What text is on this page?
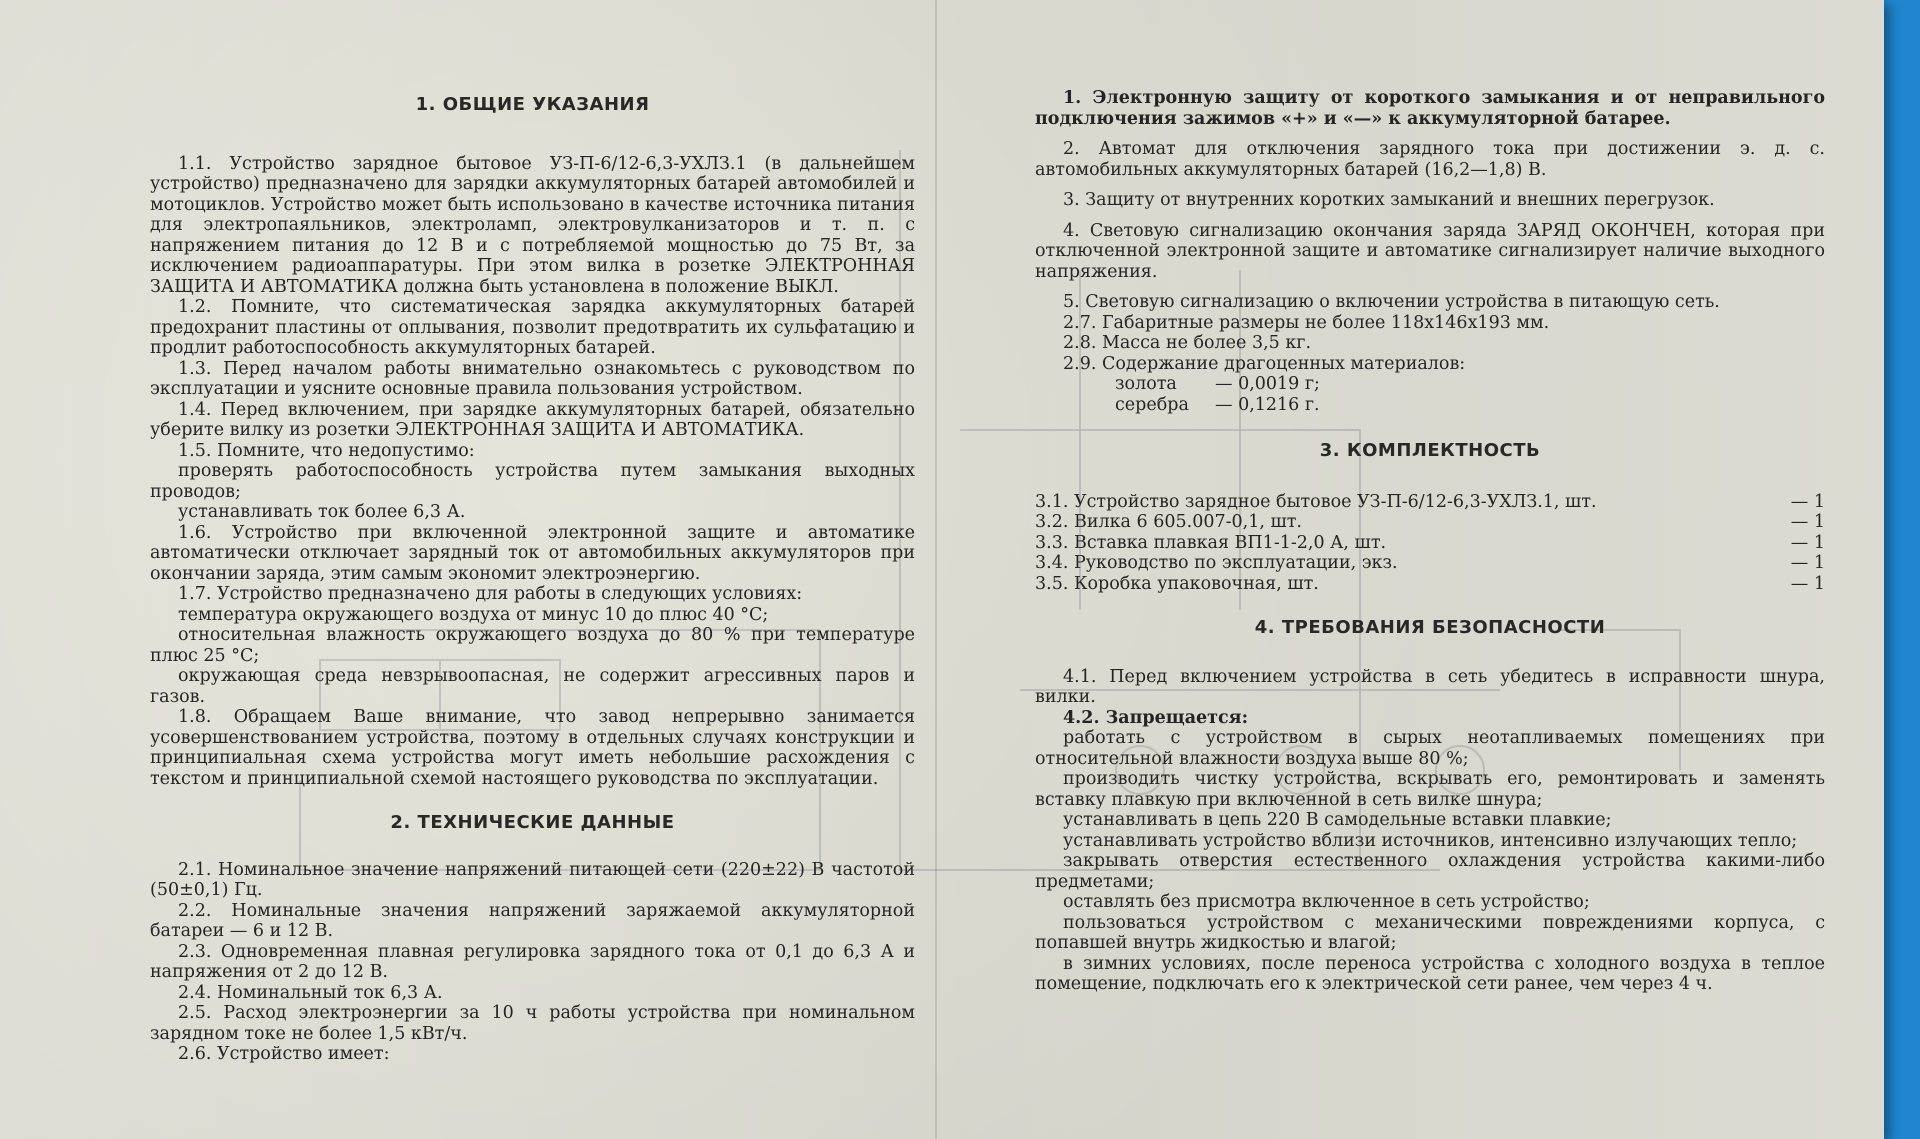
1. ОБЩИЕ УКАЗАНИЯ

1.1. Устройство зарядное бытовое УЗ-П-6/12-6,3-УХЛЗ.1 (в дальнейшем устройство) предназначено для зарядки аккумуляторных батарей автомобилей и мотоциклов. Устройство может быть использовано в качестве источника питания для электропаяльников, электроламп, электровулканизаторов и т. п. с напряжением питания до 12 В и с потребляемой мощностью до 75 Вт, за исключением радиоаппаратуры. При этом вилка в розетке ЭЛЕКТРОННАЯ ЗАЩИТА И АВТОМАТИКА должна быть установлена в положение ВЫКЛ.

1.2. Помните, что систематическая зарядка аккумуляторных батарей предохранит пластины от оплывания, позволит предотвратить их сульфатацию и продлит работоспособность аккумуляторных батарей.

1.3. Перед началом работы внимательно ознакомьтесь с руководством по эксплуатации и уясните основные правила пользования устройством.

1.4. Перед включением, при зарядке аккумуляторных батарей, обязательно уберите вилку из розетки ЭЛЕКТРОННАЯ ЗАЩИТА И АВТОМАТИКА.

1.5. Помните, что недопустимо:

проверять работоспособность устройства путем замыкания выходных проводов;

устанавливать ток более 6,3 А.

1.6. Устройство при включенной электронной защите и автоматике автоматически отключает зарядный ток от автомобильных аккумуляторов при окончании заряда, этим самым экономит электроэнергию.

1.7. Устройство предназначено для работы в следующих условиях:

температура окружающего воздуха от минус 10 до плюс 40 °С;

относительная влажность окружающего воздуха до 80 % при температуре плюс 25 °С;

окружающая среда невзрывоопасная, не содержит агрессивных паров и газов.

1.8. Обращаем Ваше внимание, что завод непрерывно занимается усовершенствованием устройства, поэтому в отдельных случаях конструкции и принципиальная схема устройства могут иметь небольшие расхождения с текстом и принципиальной схемой настоящего руководства по эксплуатации.

2. ТЕХНИЧЕСКИЕ ДАННЫЕ

2.1. Номинальное значение напряжений питающей сети (220±22) В частотой (50±0,1) Гц.

2.2. Номинальные значения напряжений заряжаемой аккумуляторной батареи — 6 и 12 В.

2.3. Одновременная плавная регулировка зарядного тока от 0,1 до 6,3 А и напряжения от 2 до 12 В.

2.4. Номинальный ток 6,3 А.

2.5. Расход электроэнергии за 10 ч работы устройства при номинальном зарядном токе не более 1,5 кВт/ч.

2.6. Устройство имеет:

1. Электронную защиту от короткого замыкания и от неправильного подключения зажимов «+» и «—» к аккумуляторной батарее.

2. Автомат для отключения зарядного тока при достижении э. д. с. автомобильных аккумуляторных батарей (16,2—1,8) В.

3. Защиту от внутренних коротких замыканий и внешних перегрузок.

4. Световую сигнализацию окончания заряда ЗАРЯД ОКОНЧЕН, которая при отключенной электронной защите и автоматике сигнализирует наличие выходного напряжения.

5. Световую сигнализацию о включении устройства в питающую сеть.

2.7. Габаритные размеры не более 118х146х193 мм.

2.8. Масса не более 3,5 кг.

2.9. Содержание драгоценных материалов:

золота	— 0,0019 г;
серебра	— 0,1216 г.
3. КОМПЛЕКТНОСТЬ
3.1. Устройство зарядное бытовое УЗ-П-6/12-6,3-УХЛЗ.1, шт.	— 1
3.2. Вилка 6 605.007-0,1, шт.	— 1
3.3. Вставка плавкая ВП1-1-2,0 А, шт.	— 1
3.4. Руководство по эксплуатации, экз.	— 1
3.5. Коробка упаковочная, шт.	— 1
4. ТРЕБОВАНИЯ БЕЗОПАСНОСТИ

4.1. Перед включением устройства в сеть убедитесь в исправности шнура, вилки.

4.2. Запрещается:

работать с устройством в сырых неотапливаемых помещениях при относительной влажности воздуха выше 80 %;

производить чистку устройства, вскрывать его, ремонтировать и заменять вставку плавкую при включенной в сеть вилке шнура;

устанавливать в цепь 220 В самодельные вставки плавкие;

устанавливать устройство вблизи источников, интенсивно излучающих тепло;

закрывать отверстия естественного охлаждения устройства какими-либо предметами;

оставлять без присмотра включенное в сеть устройство;

пользоваться устройством с механическими повреждениями корпуса, с попавшей внутрь жидкостью и влагой;

в зимних условиях, после переноса устройства с холодного воздуха в теплое помещение, подключать его к электрической сети ранее, чем через 4 ч.
